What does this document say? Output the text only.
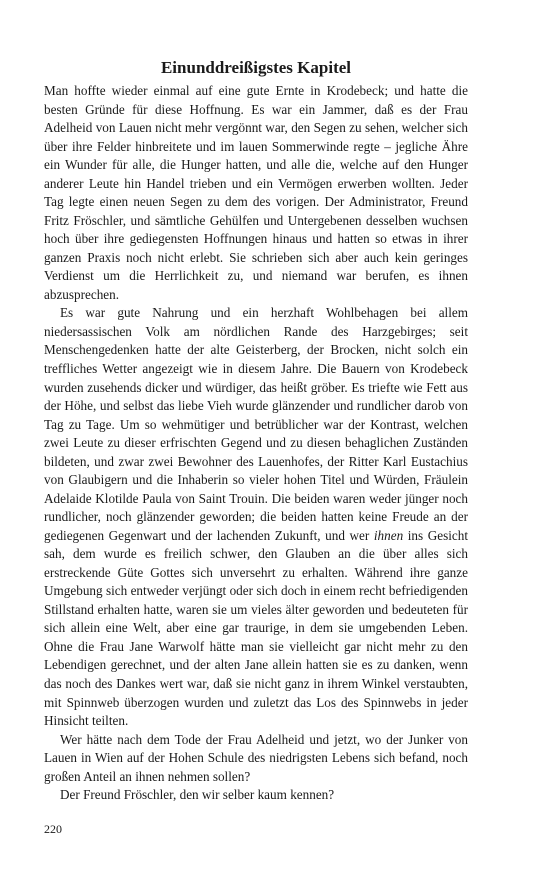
Einunddreißigstes Kapitel

Man hoffte wieder einmal auf eine gute Ernte in Krodebeck; und hatte die besten Gründe für diese Hoffnung. Es war ein Jammer, daß es der Frau Adelheid von Lauen nicht mehr vergönnt war, den Segen zu sehen, welcher sich über ihre Felder hinbreitete und im lauen Sommerwinde regte – jegliche Ähre ein Wunder für alle, die Hunger hatten, und alle die, welche auf den Hunger anderer Leute hin Handel trieben und ein Vermögen erwerben wollten. Jeder Tag legte einen neuen Segen zu dem des vorigen. Der Administrator, Freund Fritz Fröschler, und sämtliche Gehülfen und Untergebenen desselben wuchsen hoch über ihre gediegensten Hoffnungen hinaus und hatten so etwas in ihrer ganzen Praxis noch nicht erlebt. Sie schrieben sich aber auch kein geringes Verdienst um die Herrlichkeit zu, und niemand war berufen, es ihnen abzusprechen.

Es war gute Nahrung und ein herzhaft Wohlbehagen bei allem niedersassischen Volk am nördlichen Rande des Harzgebirges; seit Menschengedenken hatte der alte Geisterberg, der Brocken, nicht solch ein treffliches Wetter angezeigt wie in diesem Jahre. Die Bauern von Krodebeck wurden zusehends dicker und würdiger, das heißt gröber. Es triefte wie Fett aus der Höhe, und selbst das liebe Vieh wurde glänzender und rundlicher darob von Tag zu Tage. Um so wehmütiger und betrüblicher war der Kontrast, welchen zwei Leute zu dieser erfrischten Gegend und zu diesen behaglichen Zuständen bildeten, und zwar zwei Bewohner des Lauenhofes, der Ritter Karl Eustachius von Glaubigern und die Inhaberin so vieler hohen Titel und Würden, Fräulein Adelaide Klotilde Paula von Saint Trouin. Die beiden waren weder jünger noch rundlicher, noch glänzender geworden; die beiden hatten keine Freude an der gediegenen Gegenwart und der lachenden Zukunft, und wer ihnen ins Gesicht sah, dem wurde es freilich schwer, den Glauben an die über alles sich erstreckende Güte Gottes sich unversehrt zu erhalten. Während ihre ganze Umgebung sich entweder verjüngt oder sich doch in einem recht befriedigenden Stillstand erhalten hatte, waren sie um vieles älter geworden und bedeuteten für sich allein eine Welt, aber eine gar traurige, in dem sie umgebenden Leben. Ohne die Frau Jane Warwolf hätte man sie vielleicht gar nicht mehr zu den Lebendigen gerechnet, und der alten Jane allein hatten sie es zu danken, wenn das noch des Dankes wert war, daß sie nicht ganz in ihrem Winkel verstaubten, mit Spinnweb überzogen wurden und zuletzt das Los des Spinnwebs in jeder Hinsicht teilten.

Wer hätte nach dem Tode der Frau Adelheid und jetzt, wo der Junker von Lauen in Wien auf der Hohen Schule des niedrigsten Lebens sich befand, noch großen Anteil an ihnen nehmen sollen?

Der Freund Fröschler, den wir selber kaum kennen?

220
